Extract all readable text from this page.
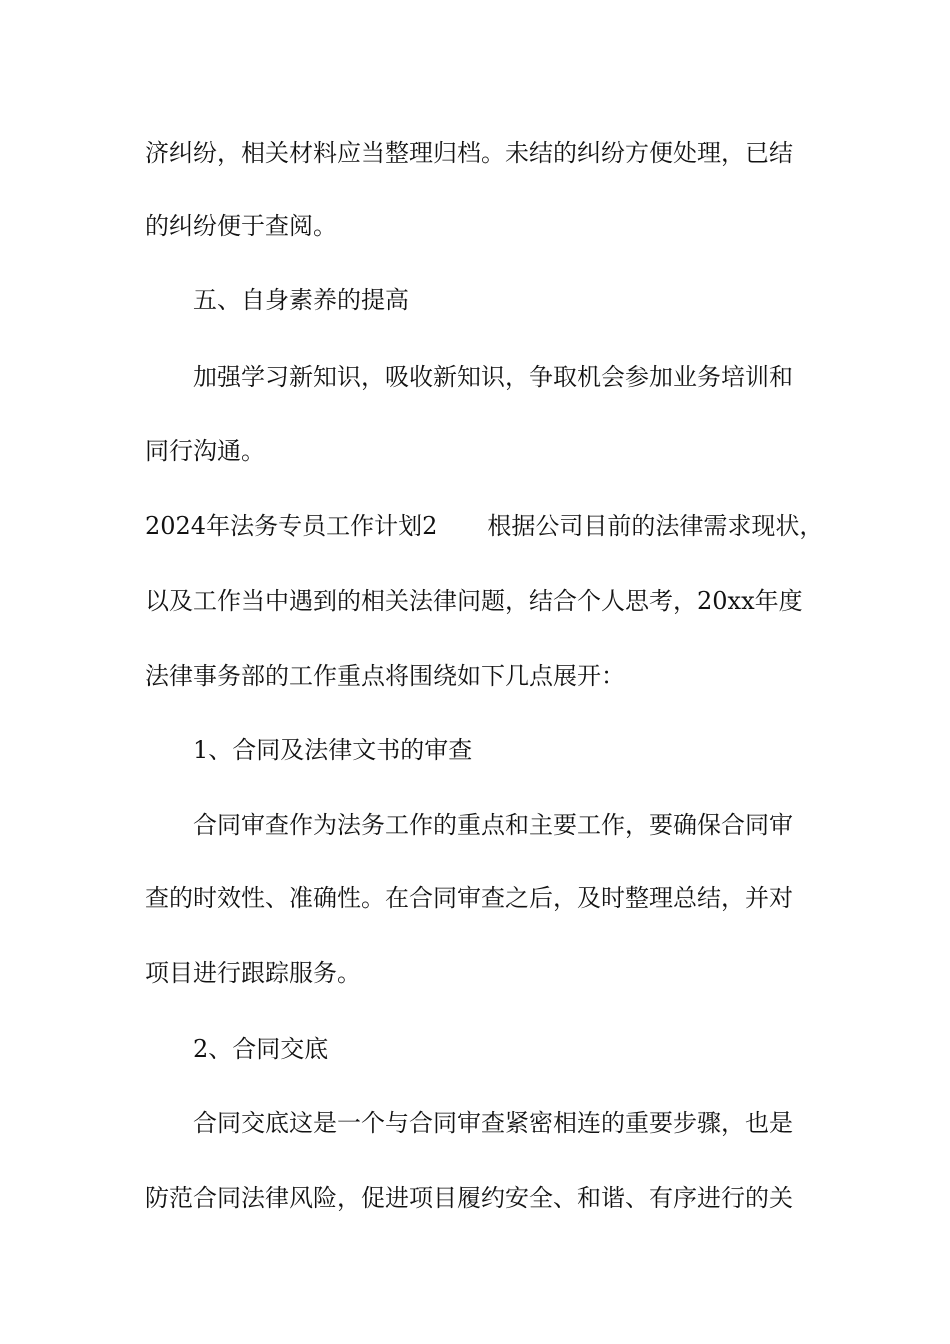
济纠纷，相关材料应当整理归档。未结的纠纷方便处理，已结
的纠纷便于查阅。
五、自身素养的提高
加强学习新知识，吸收新知识，争取机会参加业务培训和
同行沟通。
2024年法务专员工作计划2 根据公司目前的法律需求现状，
以及工作当中遇到的相关法律问题，结合个人思考，20xx年度
法律事务部的工作重点将围绕如下几点展开：
1、合同及法律文书的审查
合同审查作为法务工作的重点和主要工作，要确保合同审
查的时效性、准确性。在合同审查之后，及时整理总结，并对
项目进行跟踪服务。
2、合同交底
合同交底这是一个与合同审查紧密相连的重要步骤，也是
防范合同法律风险，促进项目履约安全、和谐、有序进行的关
